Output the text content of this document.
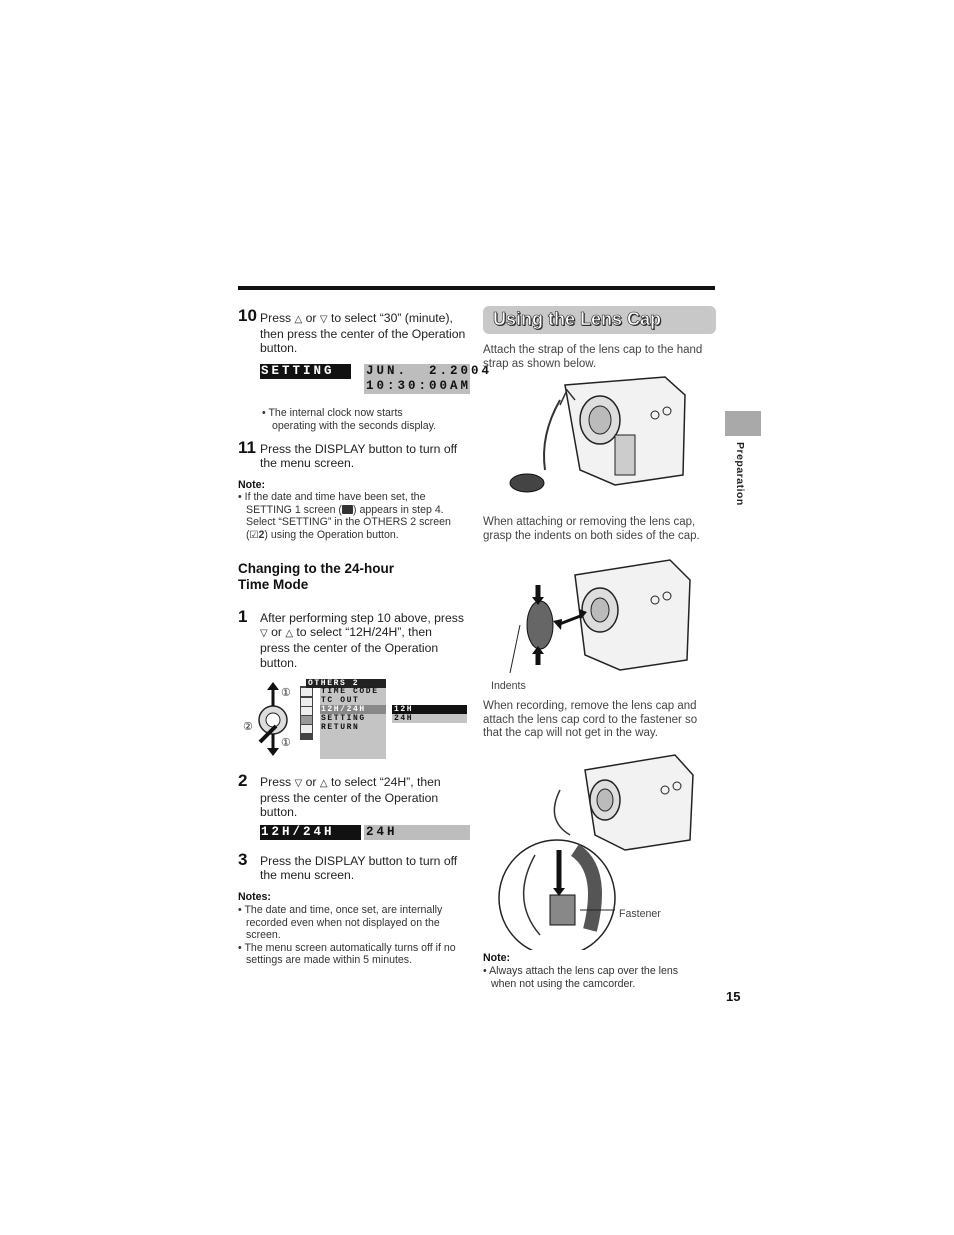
10 Press △ or ▽ to select “30” (minute),
then press the center of the Operation
button.
SETTING	JUN.  2.2004
10:30:00AM
• The internal clock now starts
operating with the seconds display.
11 Press the DISPLAY button to turn off
the menu screen.
Note:
• If the date and time have been set, the
SETTING 1 screen ( ) appears in step 4.
Select “SETTING” in the OTHERS 2 screen
(☑2) using the Operation button.
Changing to the 24-hour
Time Mode
1 After performing step 10 above, press
▽ or △ to select “12H/24H”, then
press the center of the Operation
button.
①
②
①
OTHERS 2
TIME CODE
TC OUT
12H/24H
SETTING
RETURN
12H
24H
2 Press ▽ or △ to select “24H”, then
press the center of the Operation
button.
12H/24H	24H
3 Press the DISPLAY button to turn off
the menu screen.
Notes:
• The date and time, once set, are internally
recorded even when not displayed on the
screen.
• The menu screen automatically turns off if no
settings are made within 5 minutes.
Using the Lens Cap
Attach the strap of the lens cap to the hand
strap as shown below.
When attaching or removing the lens cap,
grasp the indents on both sides of the cap.
Indents
When recording, remove the lens cap and
attach the lens cap cord to the fastener so
that the cap will not get in the way.
Fastener
Note:
• Always attach the lens cap over the lens
when not using the camcorder.
Preparation
15
